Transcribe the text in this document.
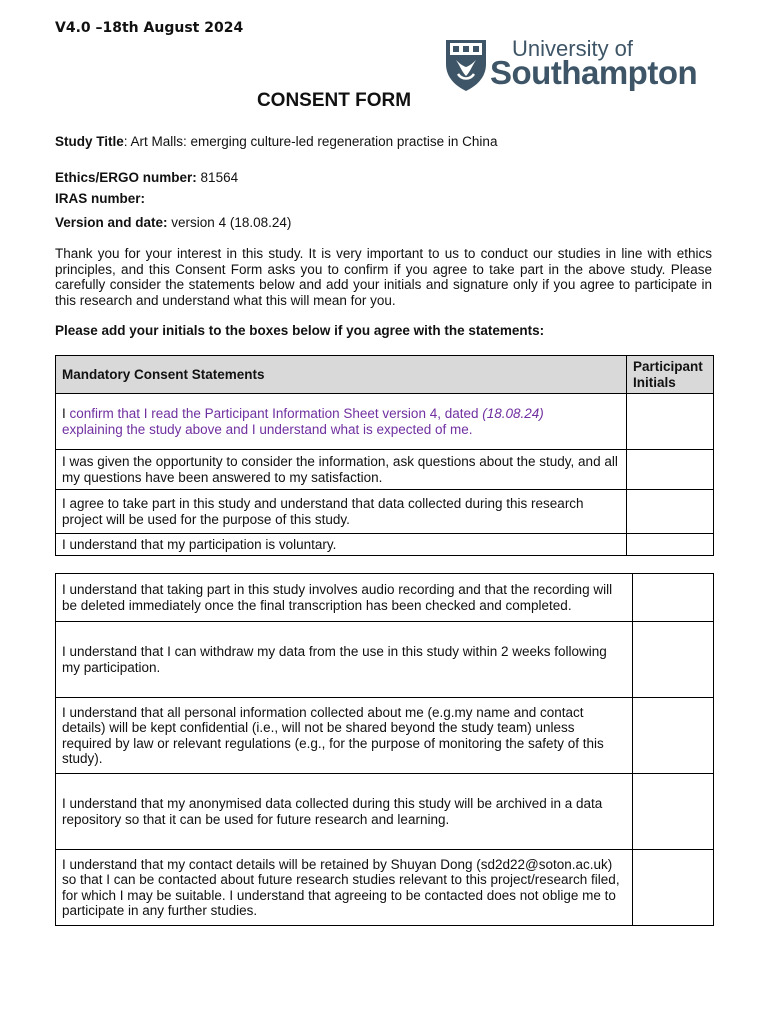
V4.0 –18th August 2024
University of
Southampton
CONSENT FORM
Study Title: Art Malls: emerging culture-led regeneration practise in China
Ethics/ERGO number: 81564
IRAS number:
Version and date: version 4 (18.08.24)
Thank you for your interest in this study. It is very important to us to conduct our studies in line with ethics principles, and this Consent Form asks you to confirm if you agree to take part in the above study. Please carefully consider the statements below and add your initials and signature only if you agree to participate in this research and understand what this will mean for you.
Please add your initials to the boxes below if you agree with the statements:
Mandatory Consent Statements	Participant Initials
I confirm that I read the Participant Information Sheet version 4, dated (18.08.24)
explaining the study above and I understand what is expected of me.	
I was given the opportunity to consider the information, ask questions about the study, and all my questions have been answered to my satisfaction.	
I agree to take part in this study and understand that data collected during this research project will be used for the purpose of this study.	
I understand that my participation is voluntary.	
I understand that taking part in this study involves audio recording and that the recording will be deleted immediately once the final transcription has been checked and completed.	
I understand that I can withdraw my data from the use in this study within 2 weeks following my participation.	
I understand that all personal information collected about me (e.g.my name and contact details) will be kept confidential (i.e., will not be shared beyond the study team) unless required by law or relevant regulations (e.g., for the purpose of monitoring the safety of this study).	
I understand that my anonymised data collected during this study will be archived in a data repository so that it can be used for future research and learning.	
I understand that my contact details will be retained by Shuyan Dong (sd2d22@soton.ac.uk) so that I can be contacted about future research studies relevant to this project/research filed, for which I may be suitable. I understand that agreeing to be contacted does not oblige me to participate in any further studies.	
